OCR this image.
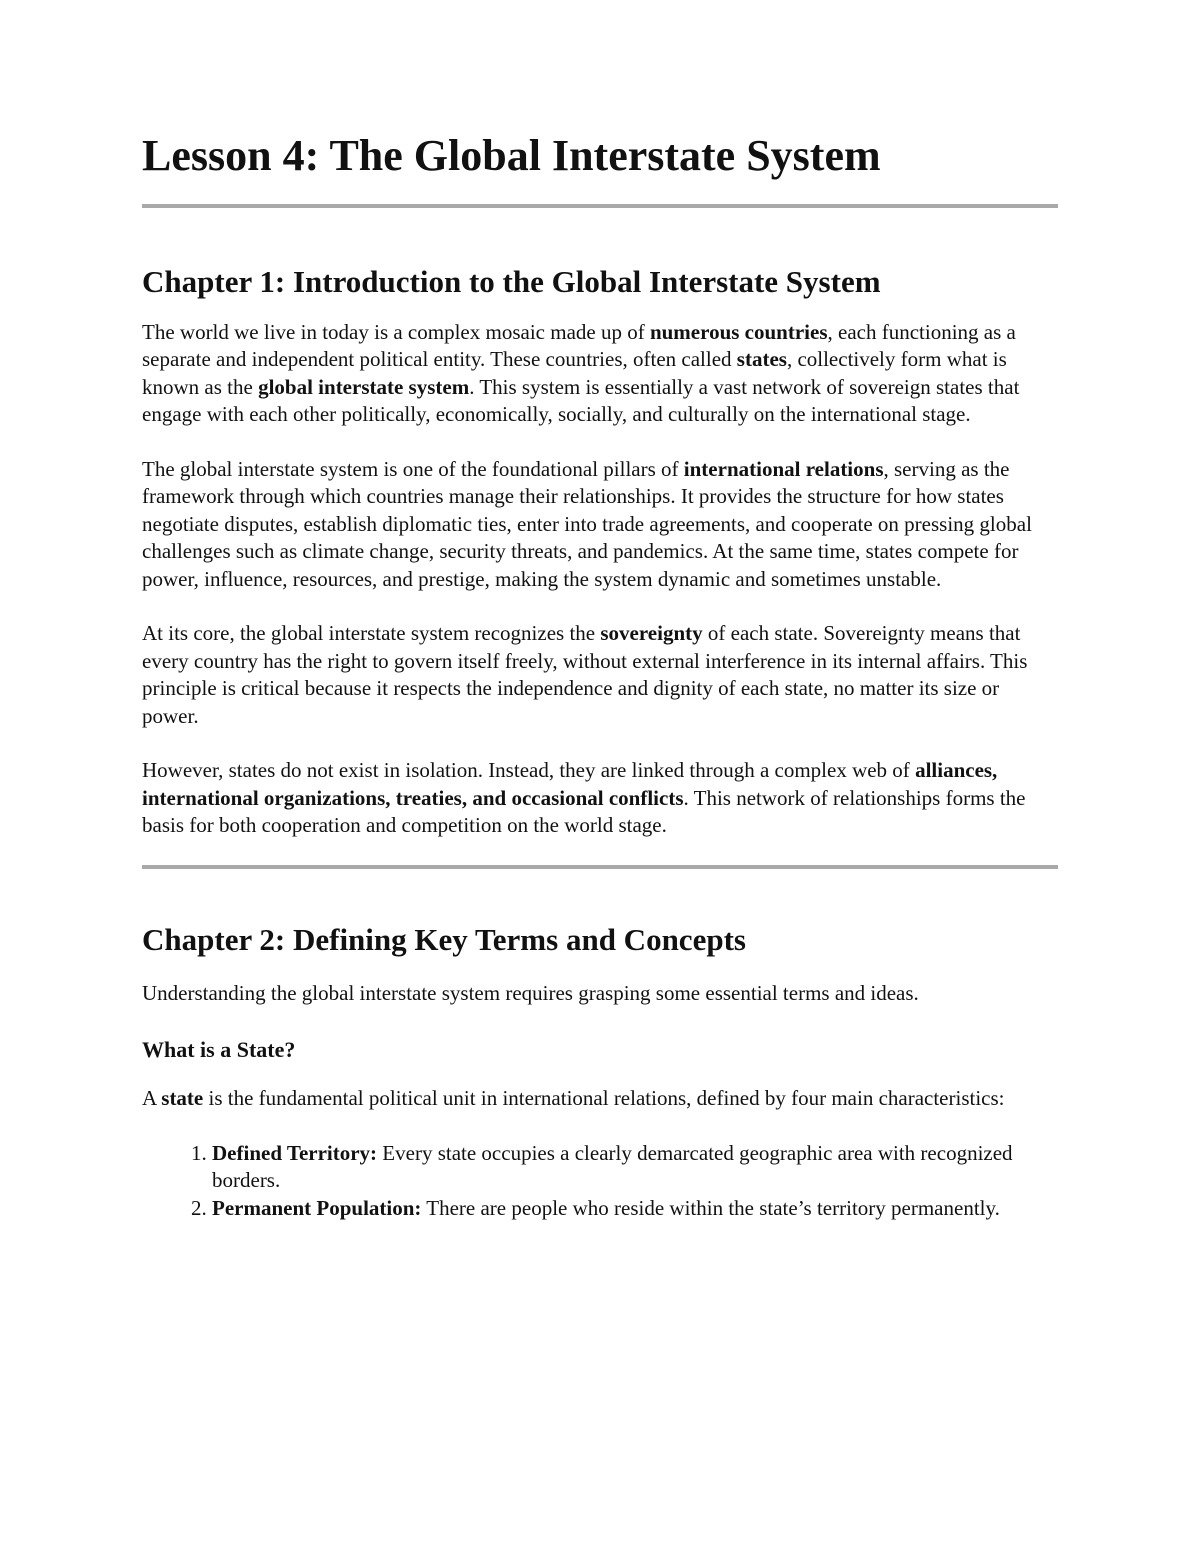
Lesson 4: The Global Interstate System
Chapter 1: Introduction to the Global Interstate System

The world we live in today is a complex mosaic made up of numerous countries, each functioning as a separate and independent political entity. These countries, often called states, collectively form what is known as the global interstate system. This system is essentially a vast network of sovereign states that engage with each other politically, economically, socially, and culturally on the international stage.

The global interstate system is one of the foundational pillars of international relations, serving as the framework through which countries manage their relationships. It provides the structure for how states negotiate disputes, establish diplomatic ties, enter into trade agreements, and cooperate on pressing global challenges such as climate change, security threats, and pandemics. At the same time, states compete for power, influence, resources, and prestige, making the system dynamic and sometimes unstable.

At its core, the global interstate system recognizes the sovereignty of each state. Sovereignty means that every country has the right to govern itself freely, without external interference in its internal affairs. This principle is critical because it respects the independence and dignity of each state, no matter its size or power.

However, states do not exist in isolation. Instead, they are linked through a complex web of alliances, international organizations, treaties, and occasional conflicts. This network of relationships forms the basis for both cooperation and competition on the world stage.

Chapter 2: Defining Key Terms and Concepts

Understanding the global interstate system requires grasping some essential terms and ideas.

What is a State?

A state is the fundamental political unit in international relations, defined by four main characteristics:

1. Defined Territory: Every state occupies a clearly demarcated geographic area with recognized borders.
2. Permanent Population: There are people who reside within the state’s territory permanently.
